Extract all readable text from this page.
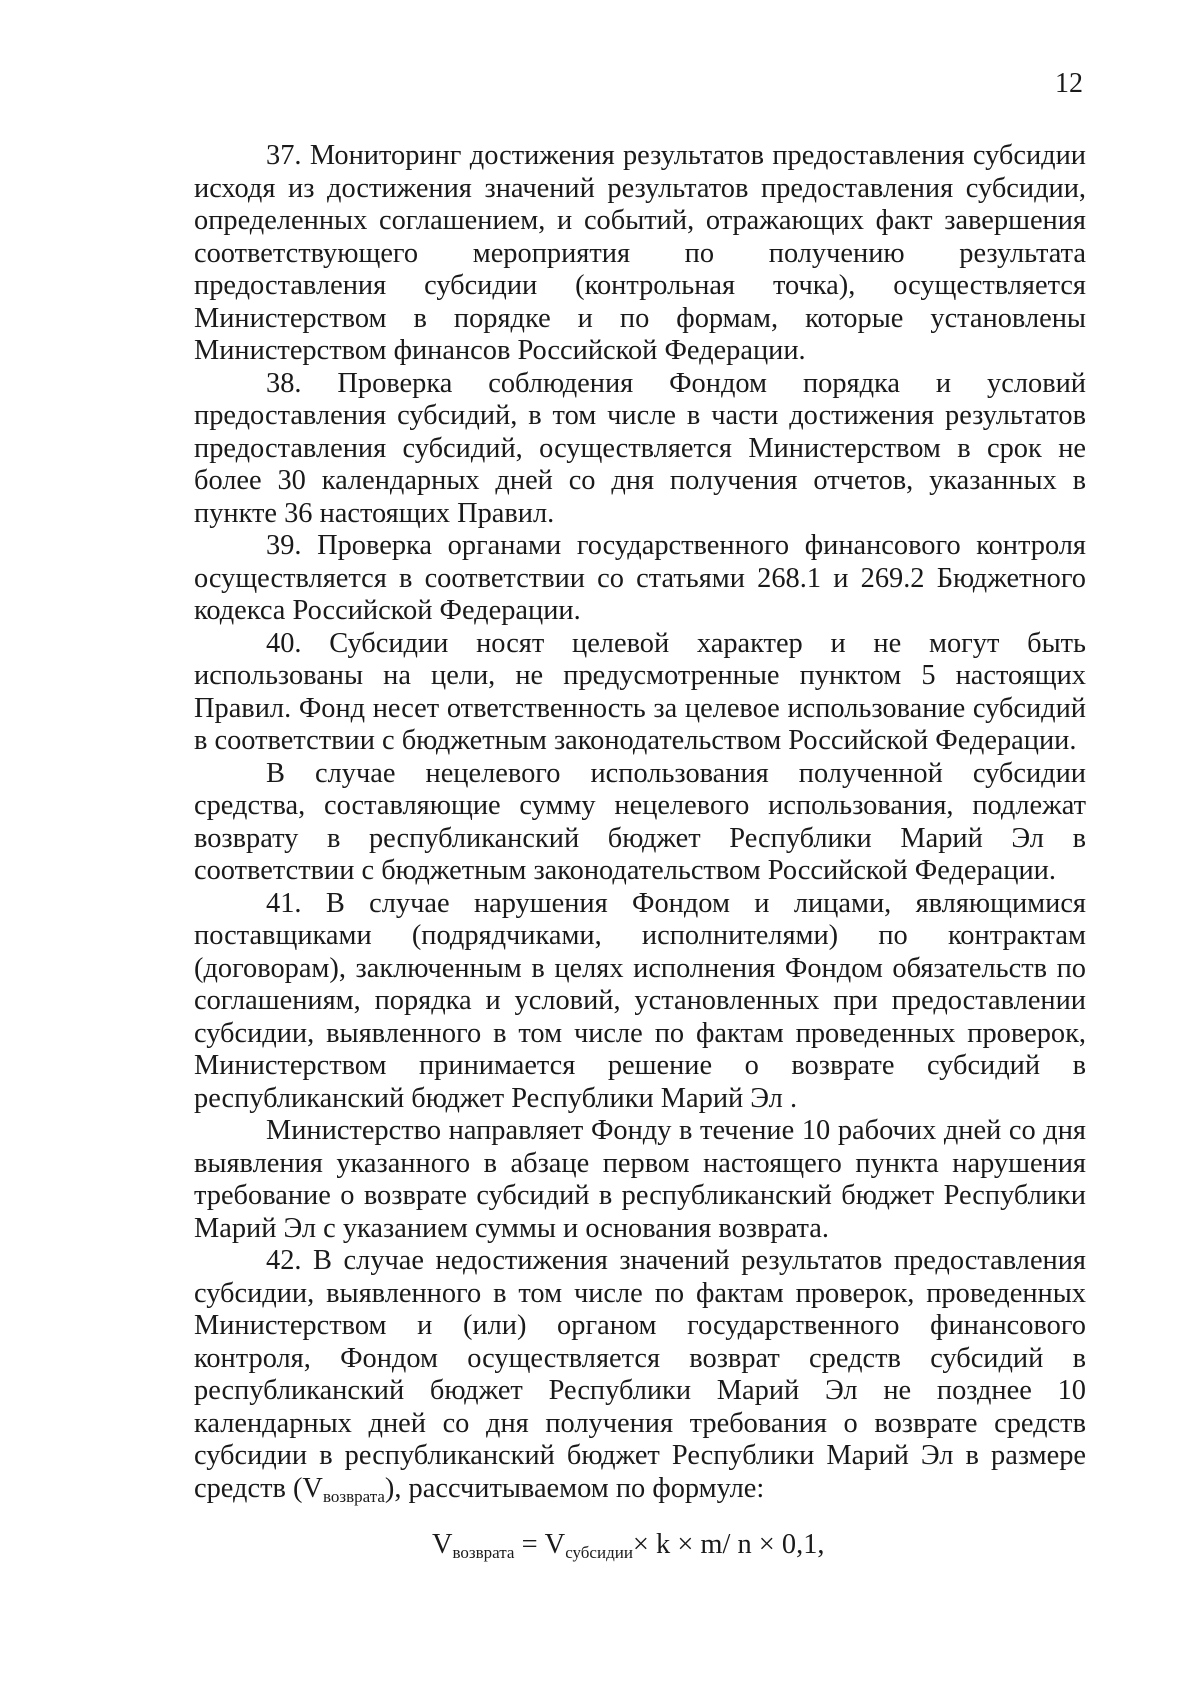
12

37. Мониторинг достижения результатов предоставления субсидии исходя из достижения значений результатов предоставления субсидии, определенных соглашением, и событий, отражающих факт завершения соответствующего мероприятия по получению результата предоставления субсидии (контрольная точка), осуществляется Министерством в порядке и по формам, которые установлены Министерством финансов Российской Федерации.

38. Проверка соблюдения Фондом порядка и условий предоставления субсидий, в том числе в части достижения результатов предоставления субсидий, осуществляется Министерством в срок не более 30 календарных дней со дня получения отчетов, указанных в пункте 36 настоящих Правил.

39. Проверка органами государственного финансового контроля осуществляется в соответствии со статьями 268.1 и 269.2 Бюджетного кодекса Российской Федерации.

40. Субсидии носят целевой характер и не могут быть использованы на цели, не предусмотренные пунктом 5 настоящих Правил. Фонд несет ответственность за целевое использование субсидий в соответствии с бюджетным законодательством Российской Федерации.

В случае нецелевого использования полученной субсидии средства, составляющие сумму нецелевого использования, подлежат возврату в республиканский бюджет Республики Марий Эл в соответствии с бюджетным законодательством Российской Федерации.

41. В случае нарушения Фондом и лицами, являющимися поставщиками (подрядчиками, исполнителями) по контрактам (договорам), заключенным в целях исполнения Фондом обязательств по соглашениям, порядка и условий, установленных при предоставлении субсидии, выявленного в том числе по фактам проведенных проверок, Министерством принимается решение о возврате субсидий в республиканский бюджет Республики Марий Эл .

Министерство направляет Фонду в течение 10 рабочих дней со дня выявления указанного в абзаце первом настоящего пункта нарушения требование о возврате субсидий в республиканский бюджет Республики Марий Эл с указанием суммы и основания возврата.

42. В случае недостижения значений результатов предоставления субсидии, выявленного в том числе по фактам проверок, проведенных Министерством и (или) органом государственного финансового контроля, Фондом осуществляется возврат средств субсидий в республиканский бюджет Республики Марий Эл не позднее 10 календарных дней со дня получения требования о возврате средств субсидии в республиканский бюджет Республики Марий Эл в размере средств $(V_{возврата})$, рассчитываемом по формуле:

$V_{возврата} = V_{субсидии}\times k \times m/$ n × 0,1,
